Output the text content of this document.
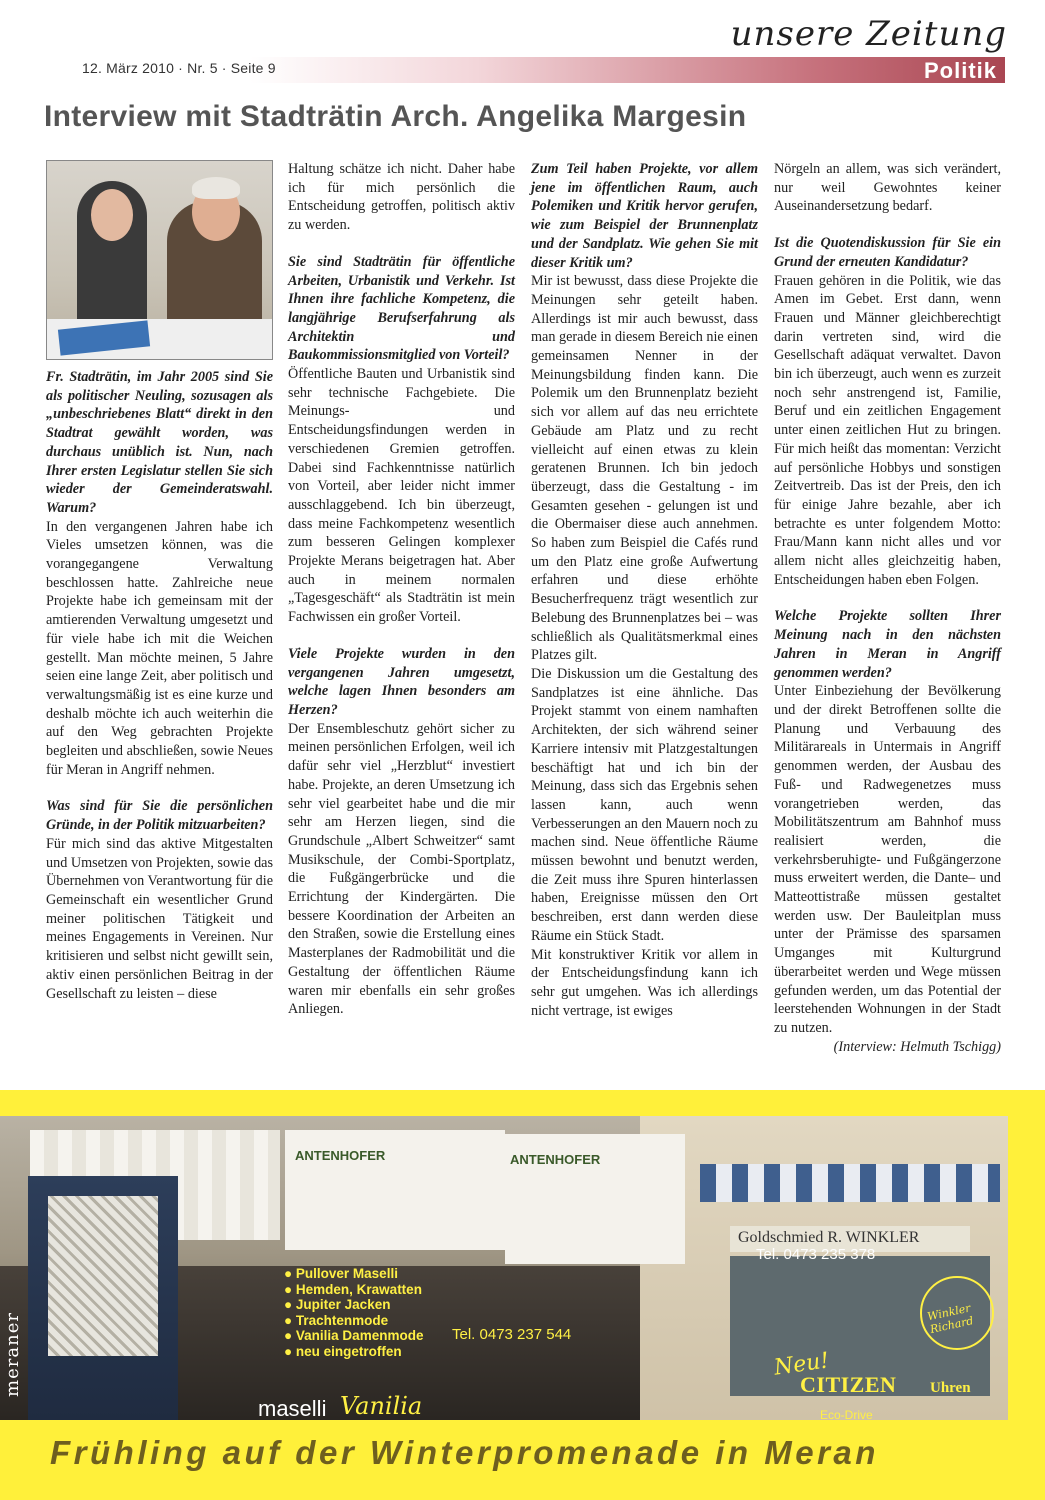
12. März 2010 · Nr. 5 · Seite 9
unsere Zeitung
Politik
Interview mit Stadträtin Arch. Angelika Margesin

Fr. Stadträtin, im Jahr 2005 sind Sie als politischer Neuling, sozusagen als „unbeschriebenes Blatt“ direkt in den Stadtrat gewählt worden, was durchaus unüblich ist. Nun, nach Ihrer ersten Legislatur stellen Sie sich wieder der Gemeinderatswahl. Warum?

In den vergangenen Jahren habe ich Vieles umsetzen können, was die vorangegangene Verwaltung beschlossen hatte. Zahlreiche neue Projekte habe ich gemeinsam mit der amtierenden Verwaltung umgesetzt und für viele habe ich mit die Weichen gestellt. Man möchte meinen, 5 Jahre seien eine lange Zeit, aber politisch und verwaltungsmäßig ist es eine kurze und deshalb möchte ich auch weiterhin die auf den Weg gebrachten Projekte begleiten und abschließen, sowie Neues für Meran in Angriff nehmen.

Was sind für Sie die persönlichen Gründe, in der Politik mitzuarbeiten?

Für mich sind das aktive Mitgestalten und Umsetzen von Projekten, sowie das Übernehmen von Verantwortung für die Gemeinschaft ein wesentlicher Grund meiner politischen Tätigkeit und meines Engagements in Vereinen. Nur kritisieren und selbst nicht gewillt sein, aktiv einen persönlichen Beitrag in der Gesellschaft zu leisten – diese

Haltung schätze ich nicht. Daher habe ich für mich persönlich die Entscheidung getroffen, politisch aktiv zu werden.

Sie sind Stadträtin für öffentliche Arbeiten, Urbanistik und Verkehr. Ist Ihnen ihre fachliche Kompetenz, die langjährige Berufserfahrung als Architektin und Baukommissionsmitglied von Vorteil?

Öffentliche Bauten und Urbanistik sind sehr technische Fachgebiete. Die Meinungs- und Entscheidungsfindungen werden in verschiedenen Gremien getroffen. Dabei sind Fachkenntnisse natürlich von Vorteil, aber leider nicht immer ausschlaggebend. Ich bin überzeugt, dass meine Fachkompetenz wesentlich zum besseren Gelingen komplexer Projekte Merans beigetragen hat. Aber auch in meinem normalen „Tagesgeschäft“ als Stadträtin ist mein Fachwissen ein großer Vorteil.

Viele Projekte wurden in den vergangenen Jahren umgesetzt, welche lagen Ihnen besonders am Herzen?

Der Ensembleschutz gehört sicher zu meinen persönlichen Erfolgen, weil ich dafür sehr viel „Herzblut“ investiert habe. Projekte, an deren Umsetzung ich sehr viel gearbeitet habe und die mir sehr am Herzen liegen, sind die Grundschule „Albert Schweitzer“ samt Musikschule, der Combi-Sportplatz, die Fußgängerbrücke und die Errichtung der Kindergärten. Die bessere Koordination der Arbeiten an den Straßen, sowie die Erstellung eines Masterplanes der Radmobilität und die Gestaltung der öffentlichen Räume waren mir ebenfalls ein sehr großes Anliegen.

Zum Teil haben Projekte, vor allem jene im öffentlichen Raum, auch Polemiken und Kritik hervor gerufen, wie zum Beispiel der Brunnenplatz und der Sandplatz. Wie gehen Sie mit dieser Kritik um?

Mir ist bewusst, dass diese Projekte die Meinungen sehr geteilt haben. Allerdings ist mir auch bewusst, dass man gerade in diesem Bereich nie einen gemeinsamen Nenner in der Meinungsbildung finden kann. Die Polemik um den Brunnenplatz bezieht sich vor allem auf das neu errichtete Gebäude am Platz und zu recht vielleicht auf einen etwas zu klein geratenen Brunnen. Ich bin jedoch überzeugt, dass die Gestaltung - im Gesamten gesehen - gelungen ist und die Obermaiser diese auch annehmen. So haben zum Beispiel die Cafés rund um den Platz eine große Aufwertung erfahren und diese erhöhte Besucherfrequenz trägt wesentlich zur Belebung des Brunnenplatzes bei – was schließlich als Qualitätsmerkmal eines Platzes gilt.

Die Diskussion um die Gestaltung des Sandplatzes ist eine ähnliche. Das Projekt stammt von einem namhaften Architekten, der sich während seiner Karriere intensiv mit Platzgestaltungen beschäftigt hat und ich bin der Meinung, dass sich das Ergebnis sehen lassen kann, auch wenn Verbesserungen an den Mauern noch zu machen sind. Neue öffentliche Räume müssen bewohnt und benutzt werden, die Zeit muss ihre Spuren hinterlassen haben, Ereignisse müssen den Ort beschreiben, erst dann werden diese Räume ein Stück Stadt.

Mit konstruktiver Kritik vor allem in der Entscheidungsfindung kann ich sehr gut umgehen. Was ich allerdings nicht vertrage, ist ewiges

Nörgeln an allem, was sich verändert, nur weil Gewohntes keiner Auseinandersetzung bedarf.

Ist die Quotendiskussion für Sie ein Grund der erneuten Kandidatur?

Frauen gehören in die Politik, wie das Amen im Gebet. Erst dann, wenn Frauen und Männer gleichberechtigt darin vertreten sind, wird die Gesellschaft adäquat verwaltet. Davon bin ich überzeugt, auch wenn es zurzeit noch sehr anstrengend ist, Familie, Beruf und ein zeitlichen Engagement unter einen zeitlichen Hut zu bringen. Für mich heißt das momentan: Verzicht auf persönliche Hobbys und sonstigen Zeitvertreib. Das ist der Preis, den ich für einige Jahre bezahle, aber ich betrachte es unter folgendem Motto: Frau/Mann kann nicht alles und vor allem nicht alles gleichzeitig haben, Entscheidungen haben eben Folgen.

Welche Projekte sollten Ihrer Meinung nach in den nächsten Jahren in Meran in Angriff genommen werden?

Unter Einbeziehung der Bevölkerung und der direkt Betroffenen sollte die Planung und Verbauung des Militärareals in Untermais in Angriff genommen werden, der Ausbau des Fuß- und Radwegenetzes muss vorangetrieben werden, das Mobilitätszentrum am Bahnhof muss realisiert werden, die verkehrsberuhigte- und Fußgängerzone muss erweitert werden, die Dante– und Matteottistraße müssen gestaltet werden usw. Der Bauleitplan muss unter der Prämisse des sparsamen Umganges mit Kulturgrund überarbeitet werden und Wege müssen gefunden werden, um das Potential der leerstehenden Wohnungen in der Stadt zu nutzen.

(Interview: Helmuth Tschigg)

ANTENHOFER	ANTENHOFER
Goldschmied R. WINKLER
● Pullover Maselli
● Hemden, Krawatten
● Jupiter Jacken
● Trachtenmode
● Vanilia Damenmode
● neu eingetroffen
Tel. 0473 237 544
Tel. 0473 235 378
maselli Vanilia
Neu!
CITIZEN Uhren
Eco-Drive
Winkler Richard
meraner
Frühling auf der Winterpromenade in Meran
